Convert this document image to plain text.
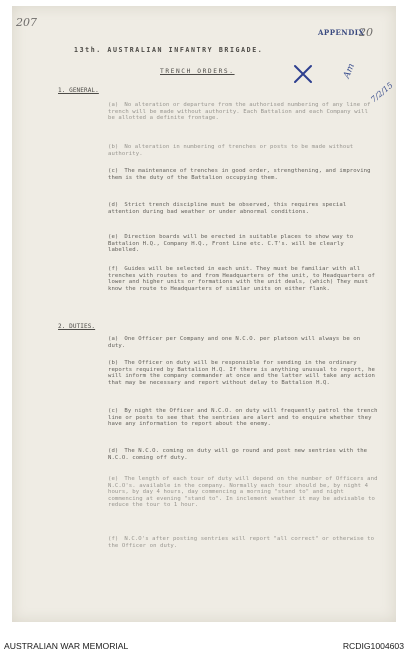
207
APPENDIX
20
Am
7/2/15
13th. AUSTRALIAN INFANTRY BRIGADE.
TRENCH ORDERS.
1. GENERAL.
(a) No alteration or departure from the authorised numbering of any line of trench will be made without authority. Each Battalion and each Company will be allotted a definite frontage.
(b) No alteration in numbering of trenches or posts to be made without authority.
(c) The maintenance of trenches in good order, strengthening, and improving them is the duty of the Battalion occupying them.
(d) Strict trench discipline must be observed, this requires special attention during bad weather or under abnormal conditions.
(e) Direction boards will be erected in suitable places to show way to Battalion H.Q., Company H.Q., Front Line etc. C.T's. will be clearly labelled.
(f) Guides will be selected in each unit. They must be familiar with all trenches with routes to and from Headquarters of the unit, to Headquarters of lower and higher units or formations with the unit deals, (which) They must know the route to Headquarters of similar units on either flank.
2. DUTIES.
(a) One Officer per Company and one N.C.O. per platoon will always be on duty.
(b) The Officer on duty will be responsible for sending in the ordinary reports required by Battalion H.Q. If there is anything unusual to report, he will inform the company commander at once and the latter will take any action that may be necessary and report without delay to Battalion H.Q.
(c) By night the Officer and N.C.O. on duty will frequently patrol the trench line or posts to see that the sentries are alert and to enquire whether they have any information to report about the enemy.
(d) The N.C.O. coming on duty will go round and post new sentries with the N.C.O. coming off duty.
(e) The length of each tour of duty will depend on the number of Officers and N.C.O's. available in the company. Normally each tour should be, by night 4 hours, by day 4 hours, day commencing a morning "stand to" and night commencing at evening "stand to". In inclement weather it may be advisable to reduce the tour to 1 hour.
(f) N.C.O's after posting sentries will report "all correct" or otherwise to the Officer on duty.
AUSTRALIAN WAR MEMORIAL	RCDIG1004603
